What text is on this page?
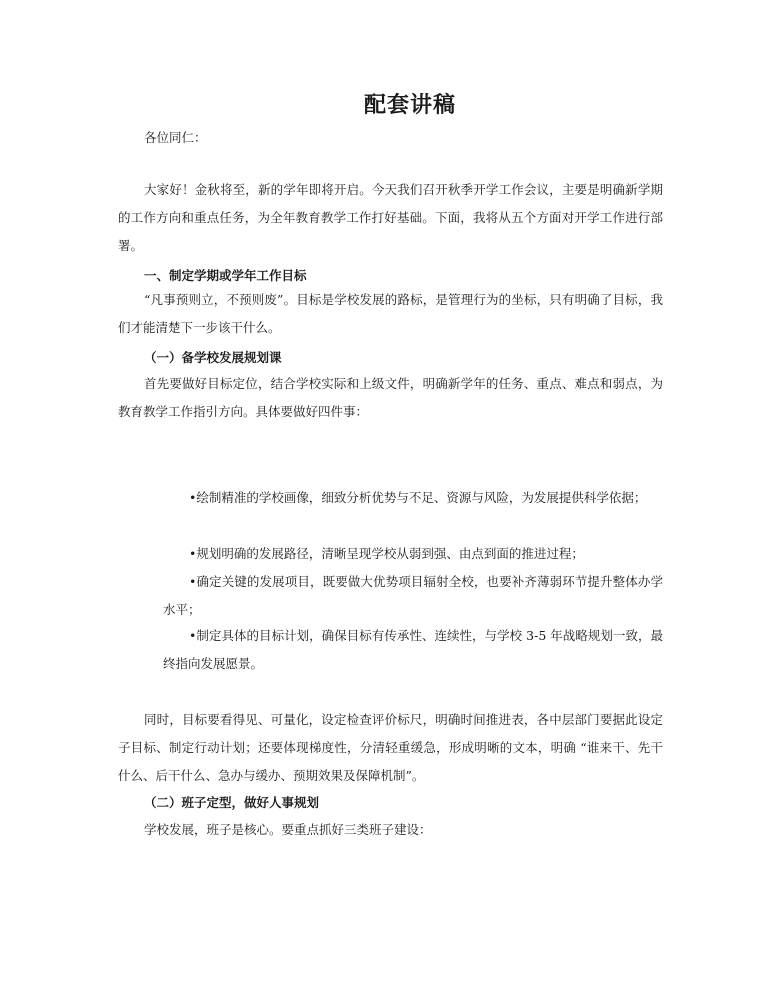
配套讲稿

各位同仁：

大家好！金秋将至，新的学年即将开启。今天我们召开秋季开学工作会议，主要是明确新学期的工作方向和重点任务，为全年教育教学工作打好基础。下面，我将从五个方面对开学工作进行部署。

一、制定学期或学年工作目标

“凡事预则立，不预则废”。目标是学校发展的路标，是管理行为的坐标，只有明确了目标，我们才能清楚下一步该干什么。

（一）备学校发展规划课

首先要做好目标定位，结合学校实际和上级文件，明确新学年的任务、重点、难点和弱点，为教育教学工作指引方向。具体要做好四件事：

•绘制精准的学校画像，细致分析优势与不足、资源与风险，为发展提供科学依据；

•规划明确的发展路径，清晰呈现学校从弱到强、由点到面的推进过程；

•确定关键的发展项目，既要做大优势项目辐射全校，也要补齐薄弱环节提升整体办学水平；

•制定具体的目标计划，确保目标有传承性、连续性，与学校 3-5 年战略规划一致，最终指向发展愿景。

同时，目标要看得见、可量化，设定检查评价标尺，明确时间推进表，各中层部门要据此设定子目标、制定行动计划；还要体现梯度性，分清轻重缓急，形成明晰的文本，明确 “谁来干、先干什么、后干什么、急办与缓办、预期效果及保障机制”。

（二）班子定型，做好人事规划

学校发展，班子是核心。要重点抓好三类班子建设：
